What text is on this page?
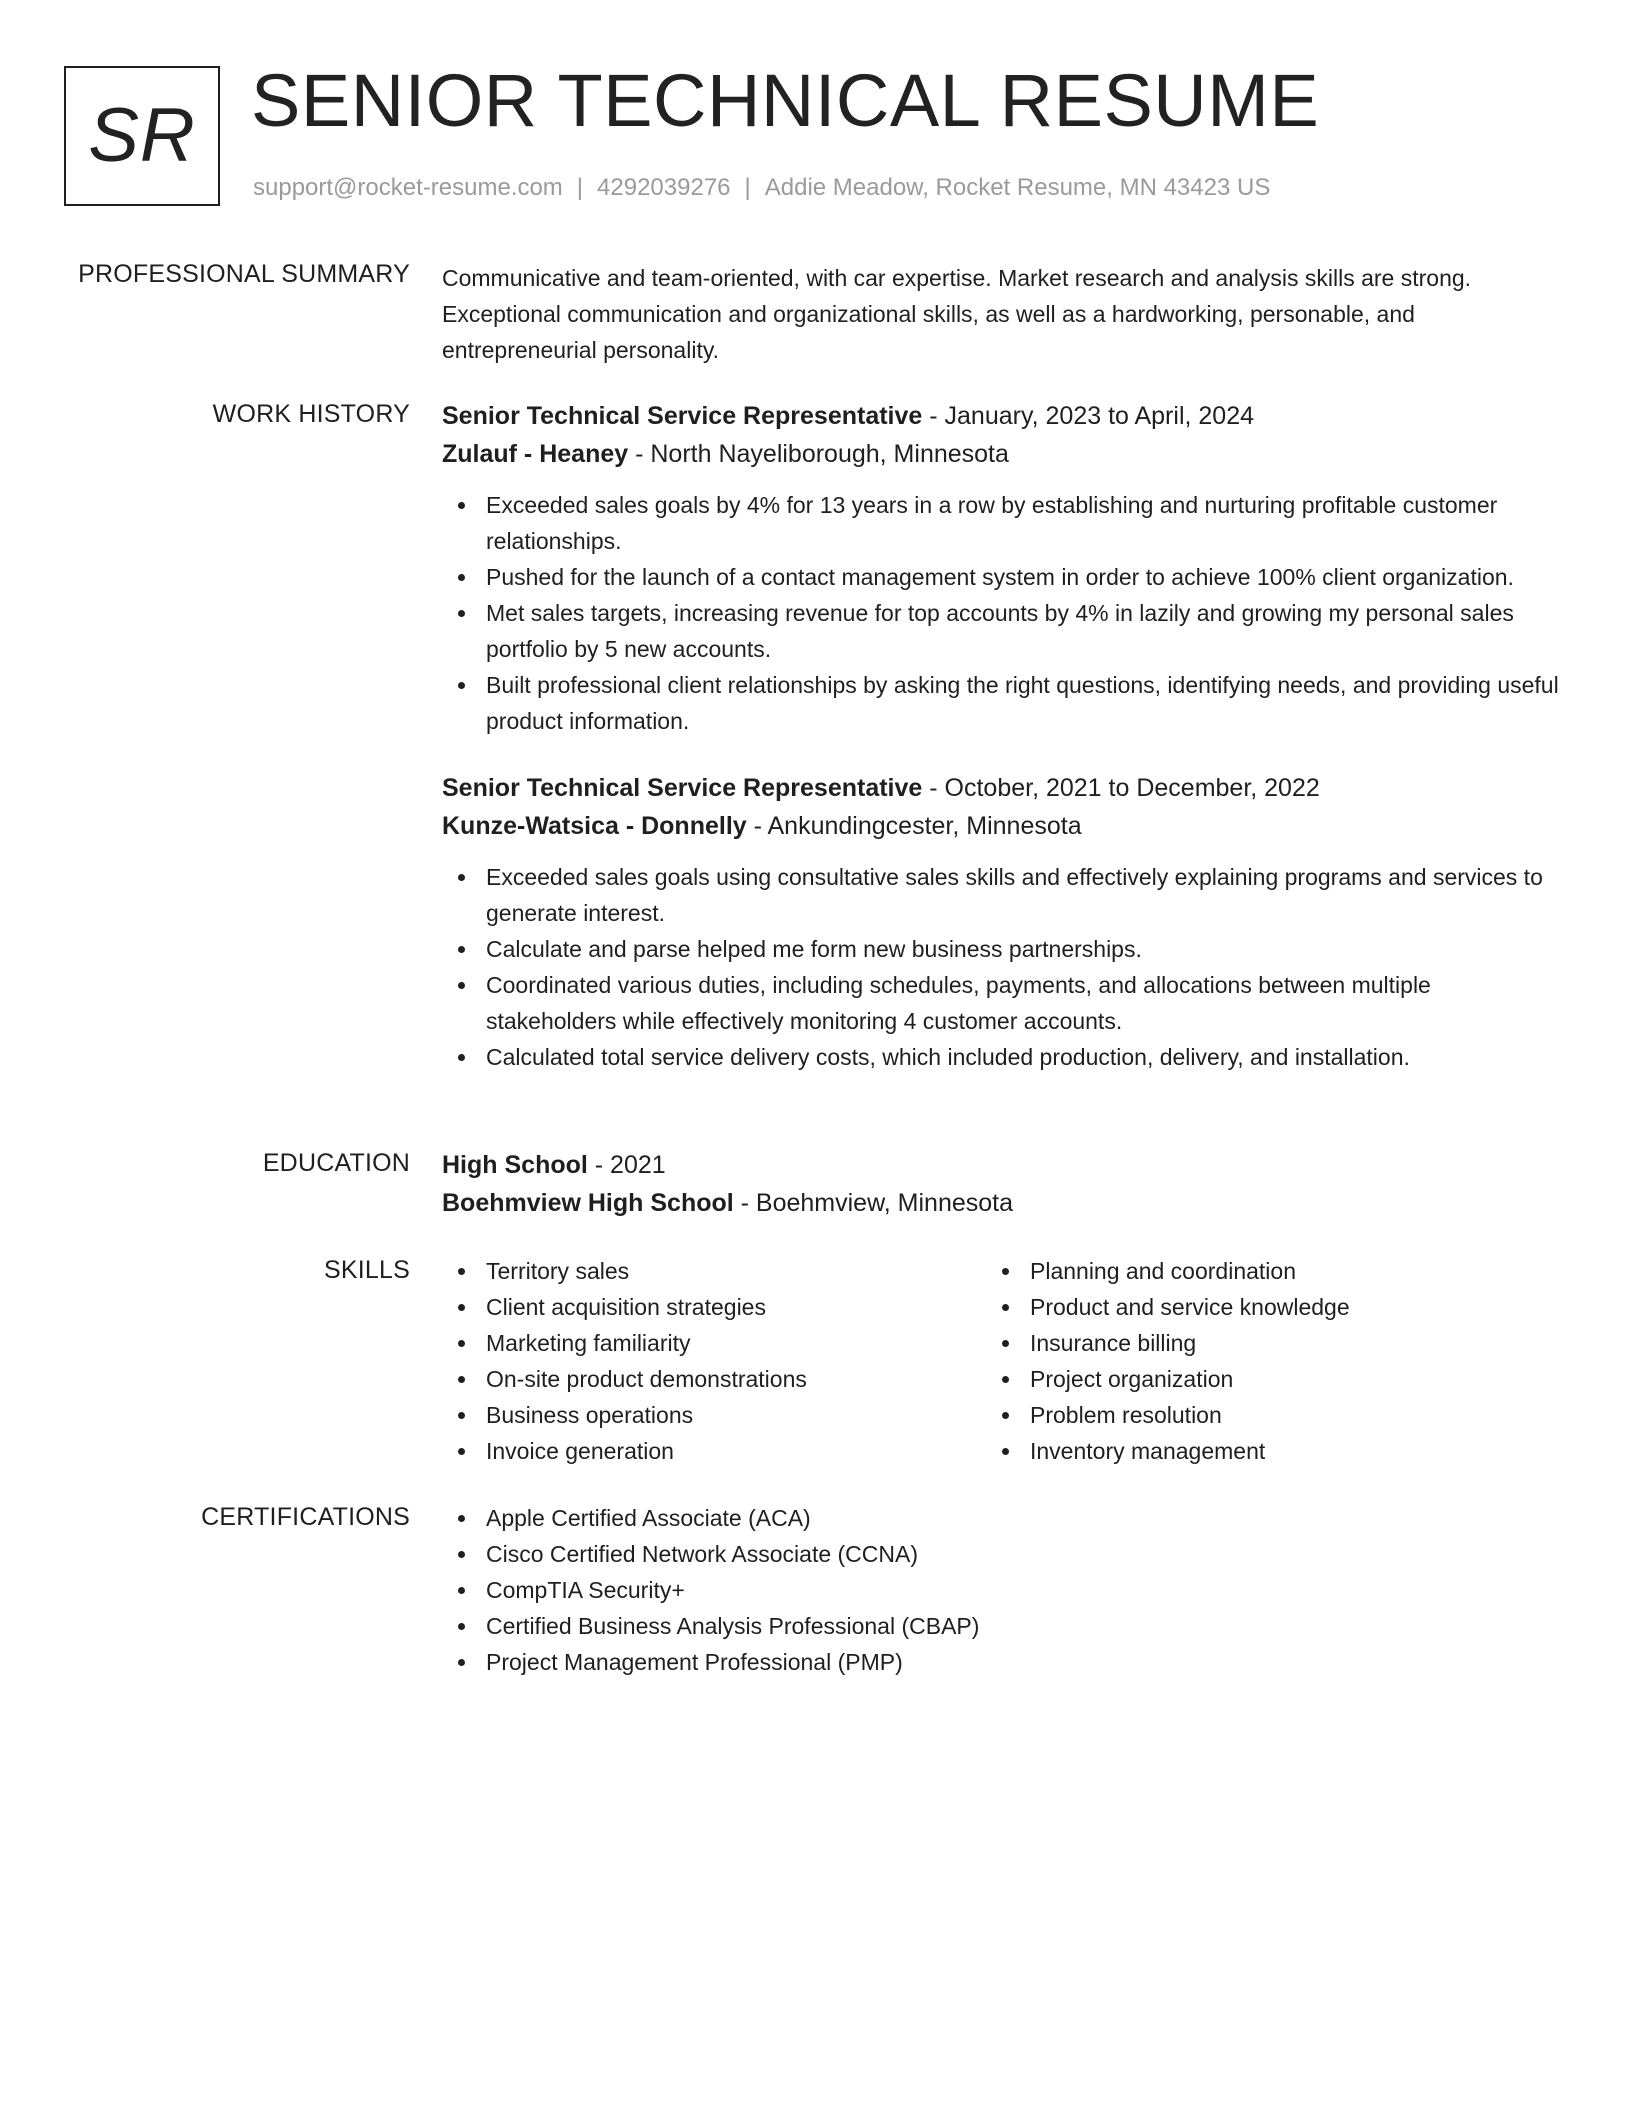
SR SENIOR TECHNICAL RESUME
support@rocket-resume.com | 4292039276 | Addie Meadow, Rocket Resume, MN 43423 US
PROFESSIONAL SUMMARY Communicative and team-oriented, with car expertise. Market research and analysis skills are strong. Exceptional communication and organizational skills, as well as a hardworking, personable, and entrepreneurial personality.

WORK HISTORY Senior Technical Service Representative - January, 2023 to April, 2024
Zulauf - Heaney - North Nayeliborough, Minnesota
Exceeded sales goals by 4% for 13 years in a row by establishing and nurturing profitable customer relationships.
Pushed for the launch of a contact management system in order to achieve 100% client organization.
Met sales targets, increasing revenue for top accounts by 4% in lazily and growing my personal sales portfolio by 5 new accounts.
Built professional client relationships by asking the right questions, identifying needs, and providing useful product information.
Senior Technical Service Representative - October, 2021 to December, 2022
Kunze-Watsica - Donnelly - Ankundingcester, Minnesota
Exceeded sales goals using consultative sales skills and effectively explaining programs and services to generate interest.
Calculate and parse helped me form new business partnerships.
Coordinated various duties, including schedules, payments, and allocations between multiple stakeholders while effectively monitoring 4 customer accounts.
Calculated total service delivery costs, which included production, delivery, and installation.
EDUCATION High School - 2021
Boehmview High School - Boehmview, Minnesota
SKILLS	Territory sales
Client acquisition strategies
Marketing familiarity
On-site product demonstrations
Business operations
Invoice generation
Planning and coordination
Product and service knowledge
Insurance billing
Project organization
Problem resolution
Inventory management
CERTIFICATIONS	Apple Certified Associate (ACA)
Cisco Certified Network Associate (CCNA)
CompTIA Security+
Certified Business Analysis Professional (CBAP)
Project Management Professional (PMP)
